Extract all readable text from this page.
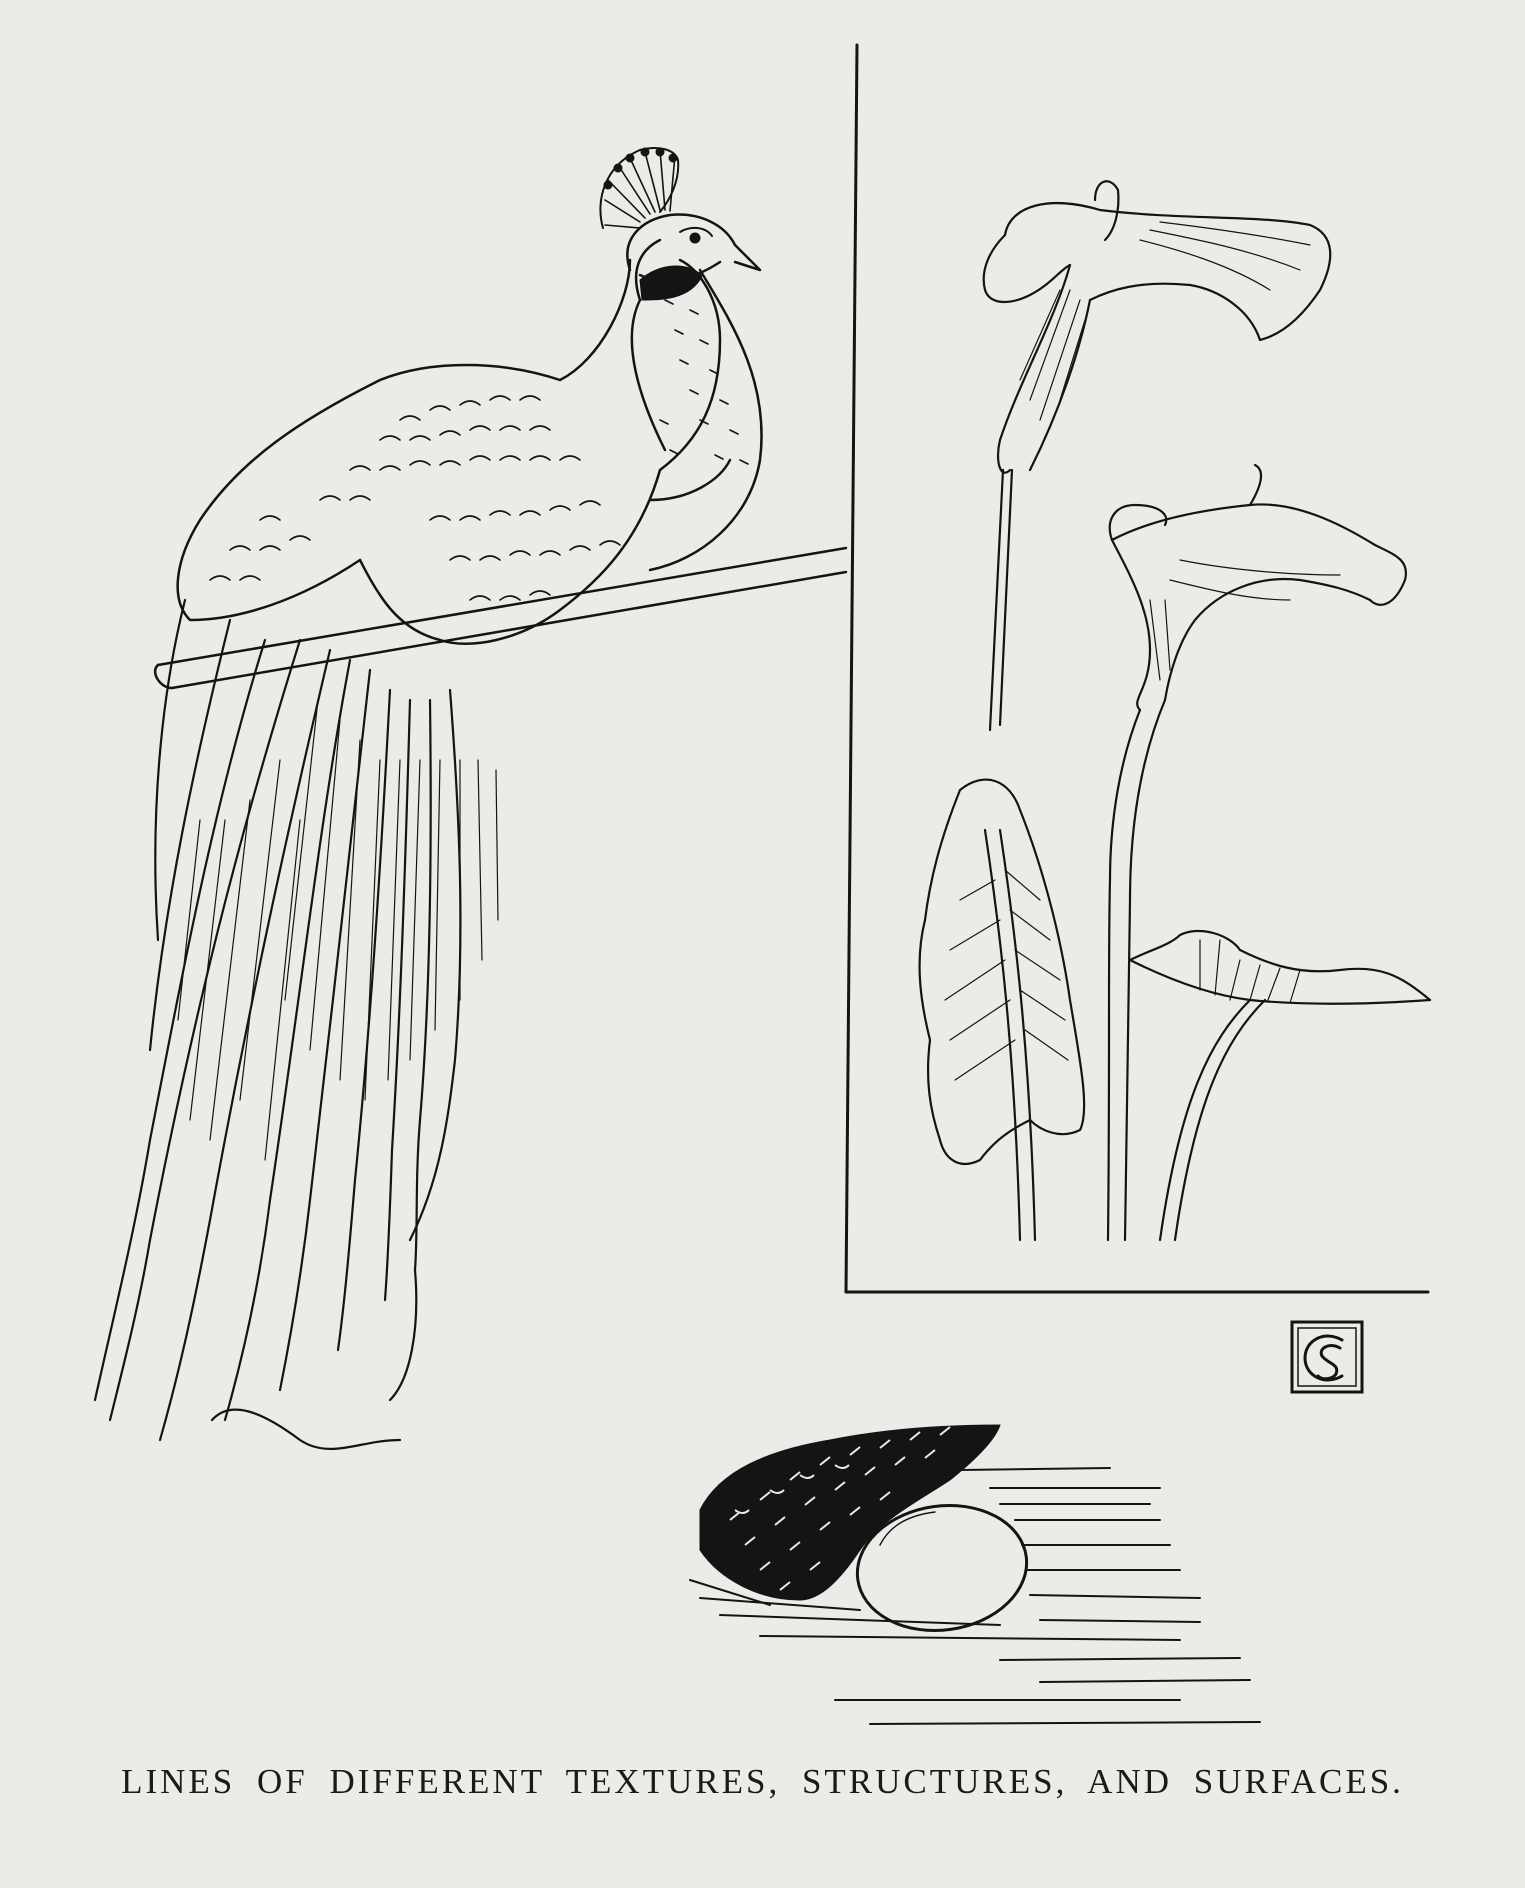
LINES OF DIFFERENT TEXTURES, STRUCTURES, AND SURFACES.
